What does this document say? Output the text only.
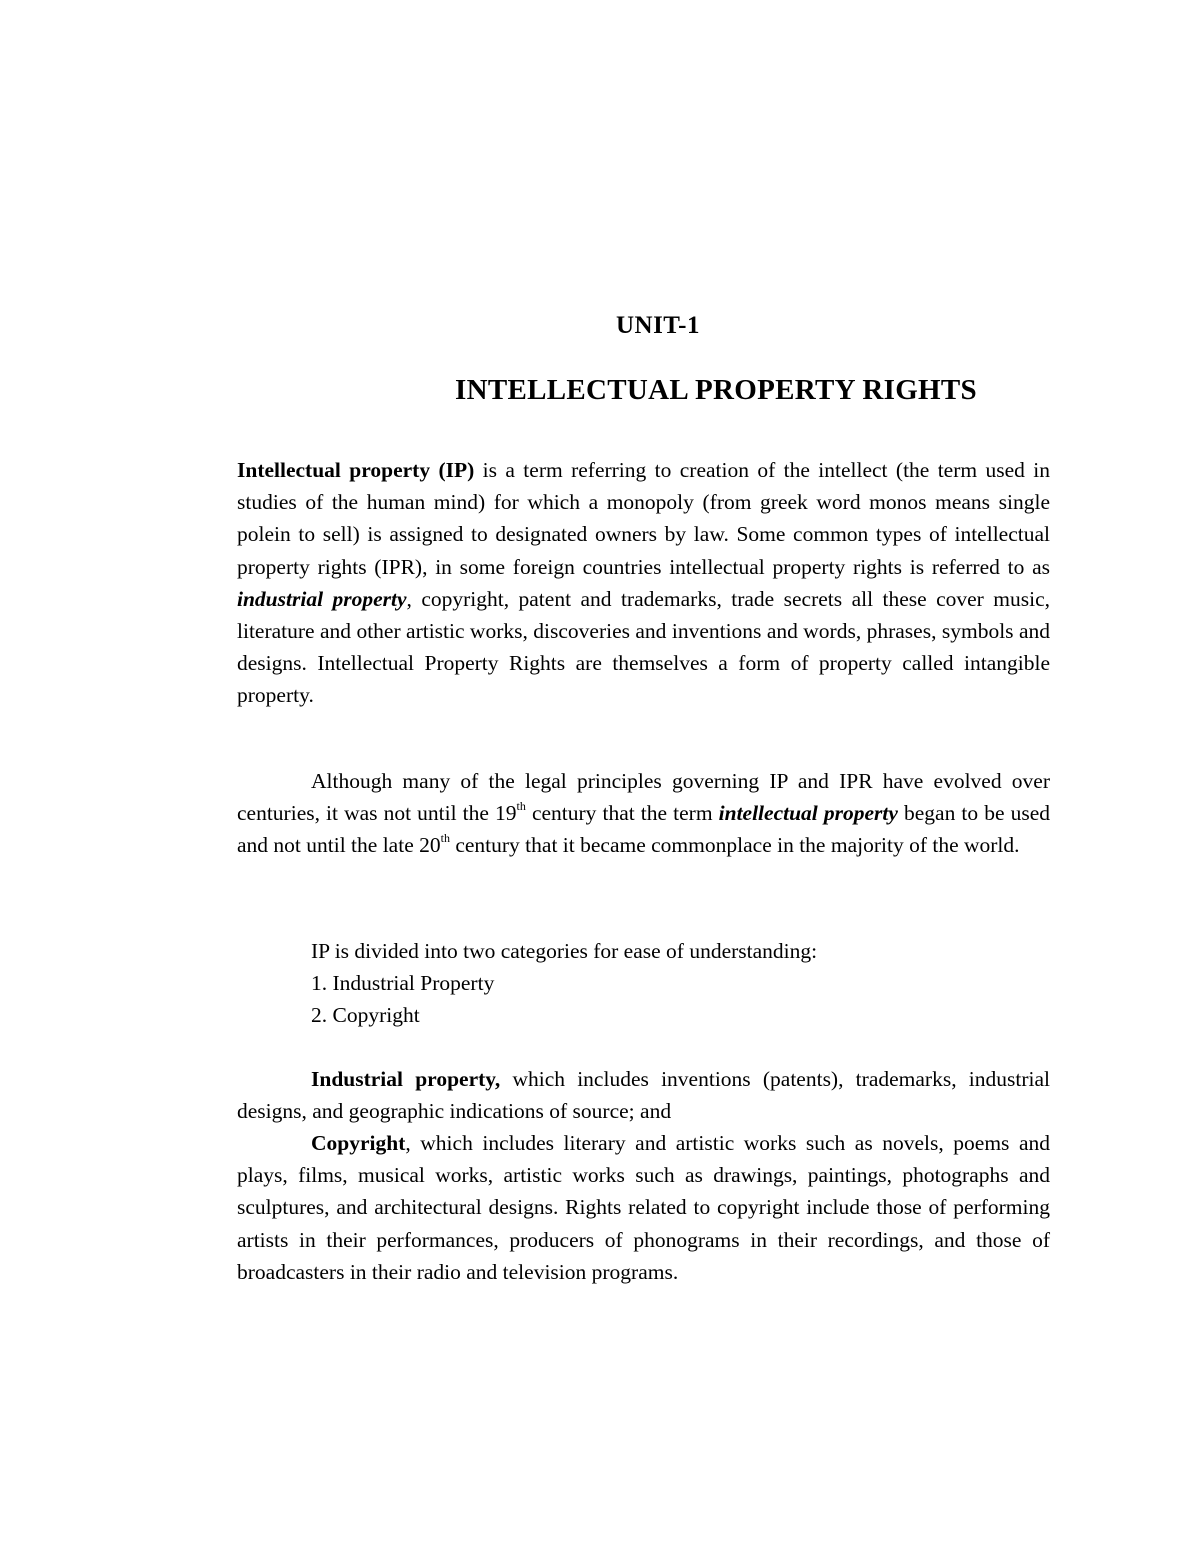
UNIT-1
INTELLECTUAL PROPERTY RIGHTS

Intellectual property (IP) is a term referring to creation of the intellect (the term used in studies of the human mind) for which a monopoly (from greek word monos means single polein to sell) is assigned to designated owners by law. Some common types of intellectual property rights (IPR), in some foreign countries intellectual property rights is referred to as industrial property, copyright, patent and trademarks, trade secrets all these cover music, literature and other artistic works, discoveries and inventions and words, phrases, symbols and designs. Intellectual Property Rights are themselves a form of property called intangible property.

Although many of the legal principles governing IP and IPR have evolved over centuries, it was not until the 19th century that the term intellectual property began to be used and not until the late 20th century that it became commonplace in the majority of the world.

IP is divided into two categories for ease of understanding:
1. Industrial Property
2. Copyright

Industrial property, which includes inventions (patents), trademarks, industrial designs, and geographic indications of source; and

Copyright, which includes literary and artistic works such as novels, poems and plays, films, musical works, artistic works such as drawings, paintings, photographs and sculptures, and architectural designs. Rights related to copyright include those of performing artists in their performances, producers of phonograms in their recordings, and those of broadcasters in their radio and television programs.
